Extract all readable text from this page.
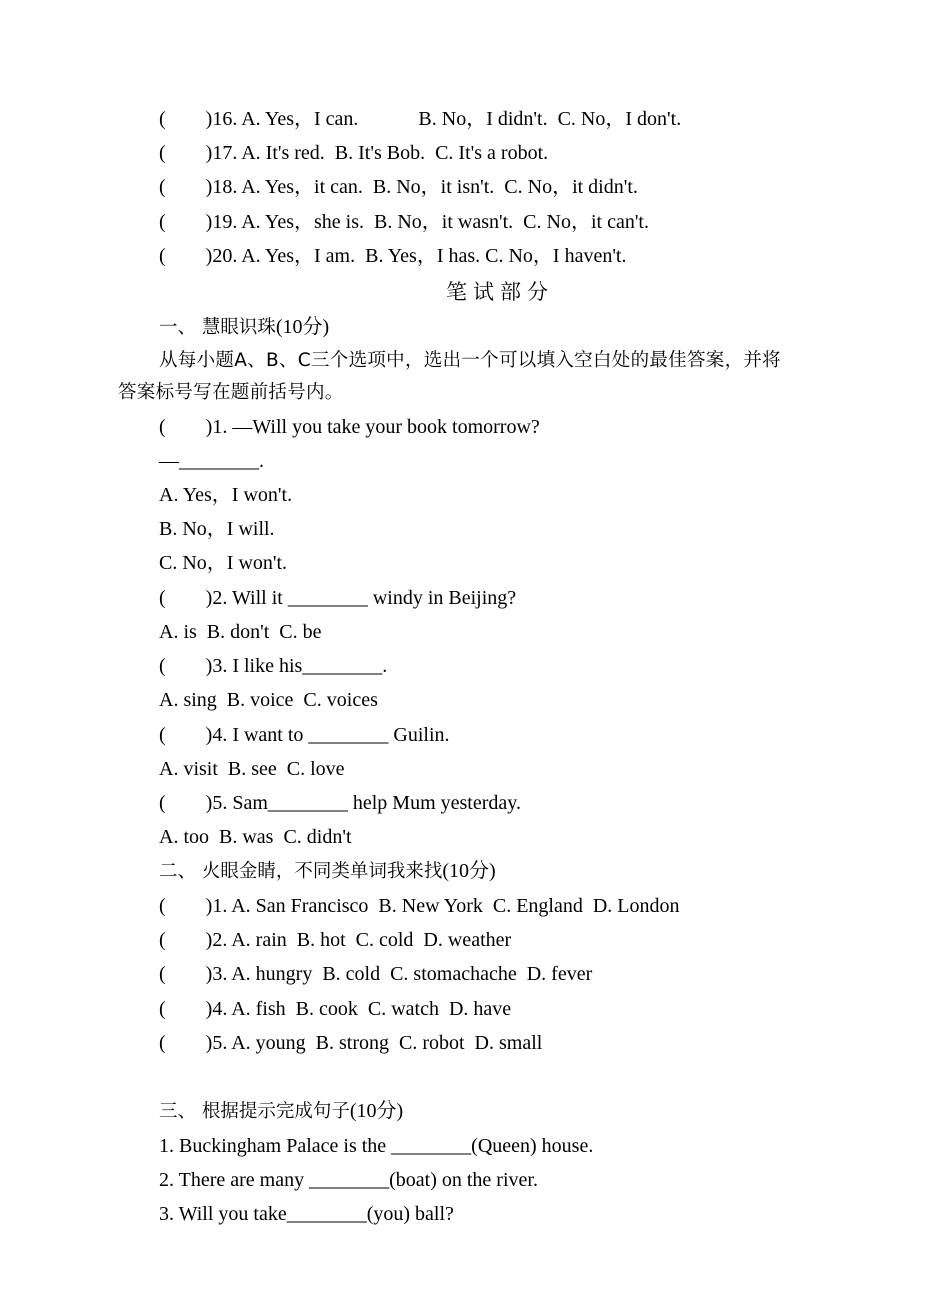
(        )16. A. Yes，I can.            B. No，I didn't.  C. No，I don't.
(        )17. A. It's red.  B. It's Bob.  C. It's a robot.
(        )18. A. Yes，it can.  B. No，it isn't.  C. No，it didn't.
(        )19. A. Yes，she is.  B. No，it wasn't.  C. No，it can't.
(        )20. A. Yes，I am.  B. Yes，I has. C. No，I haven't.
笔试部分
一、 慧眼识珠(10分)
从每小题A、B、C三个选项中，选出一个可以填入空白处的最佳答案，并将
答案标号写在题前括号内。
(        )1. —Will you take your book tomorrow?
—________.
A. Yes，I won't.
B. No，I will.
C. No，I won't.
(        )2. Will it ________ windy in Beijing?
A. is  B. don't  C. be
(        )3. I like his________.
A. sing  B. voice  C. voices
(        )4. I want to ________ Guilin.
A. visit  B. see  C. love
(        )5. Sam________ help Mum yesterday.
A. too  B. was  C. didn't
二、 火眼金睛，不同类单词我来找(10分)
(        )1. A. San Francisco  B. New York  C. England  D. London
(        )2. A. rain  B. hot  C. cold  D. weather
(        )3. A. hungry  B. cold  C. stomachache  D. fever
(        )4. A. fish  B. cook  C. watch  D. have
(        )5. A. young  B. strong  C. robot  D. small
三、 根据提示完成句子(10分)
1. Buckingham Palace is the ________(Queen) house.
2. There are many ________(boat) on the river.
3. Will you take________(you) ball?
